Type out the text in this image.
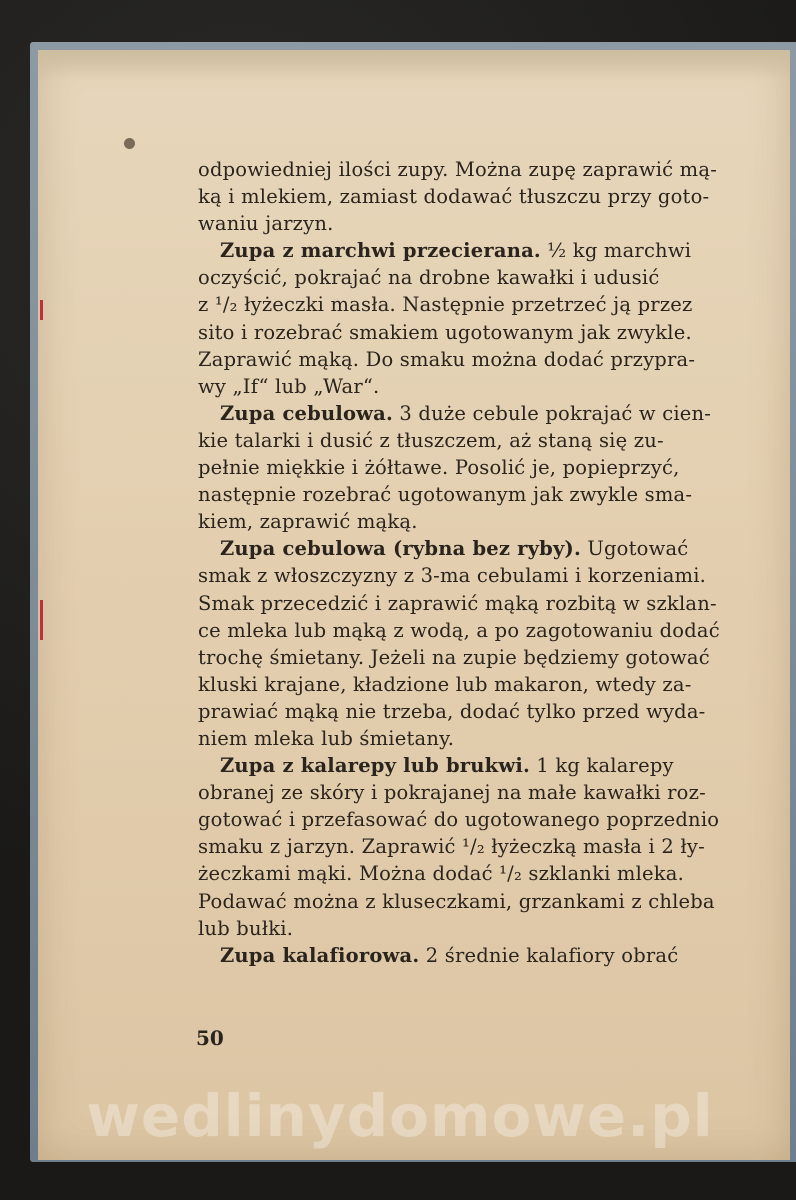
odpowiedniej ilości zupy. Można zupę zaprawić mą-
ką i mlekiem, zamiast dodawać tłuszczu przy goto-
waniu jarzyn.

Zupa z marchwi przecierana. ½ kg marchwi
oczyścić, pokrajać na drobne kawałki i udusić
z ¹/₂ łyżeczki masła. Następnie przetrzeć ją przez
sito i rozebrać smakiem ugotowanym jak zwykle.
Zaprawić mąką. Do smaku można dodać przypra-
wy „If“ lub „War“.

Zupa cebulowa. 3 duże cebule pokrajać w cien-
kie talarki i dusić z tłuszczem, aż staną się zu-
pełnie miękkie i żółtawe. Posolić je, popieprzyć,
następnie rozebrać ugotowanym jak zwykle sma-
kiem, zaprawić mąką.

Zupa cebulowa (rybna bez ryby). Ugotować
smak z włoszczyzny z 3-ma cebulami i korzeniami.
Smak przecedzić i zaprawić mąką rozbitą w szklan-
ce mleka lub mąką z wodą, a po zagotowaniu dodać
trochę śmietany. Jeżeli na zupie będziemy gotować
kluski krajane, kładzione lub makaron, wtedy za-
prawiać mąką nie trzeba, dodać tylko przed wyda-
niem mleka lub śmietany.

Zupa z kalarepy lub brukwi. 1 kg kalarepy
obranej ze skóry i pokrajanej na małe kawałki roz-
gotować i przefasować do ugotowanego poprzednio
smaku z jarzyn. Zaprawić ¹/₂ łyżeczką masła i 2 ły-
żeczkami mąki. Można dodać ¹/₂ szklanki mleka.
Podawać można z kluseczkami, grzankami z chleba
lub bułki.

Zupa kalafiorowa. 2 średnie kalafiory obrać

50
wedlinydomowe.pl
